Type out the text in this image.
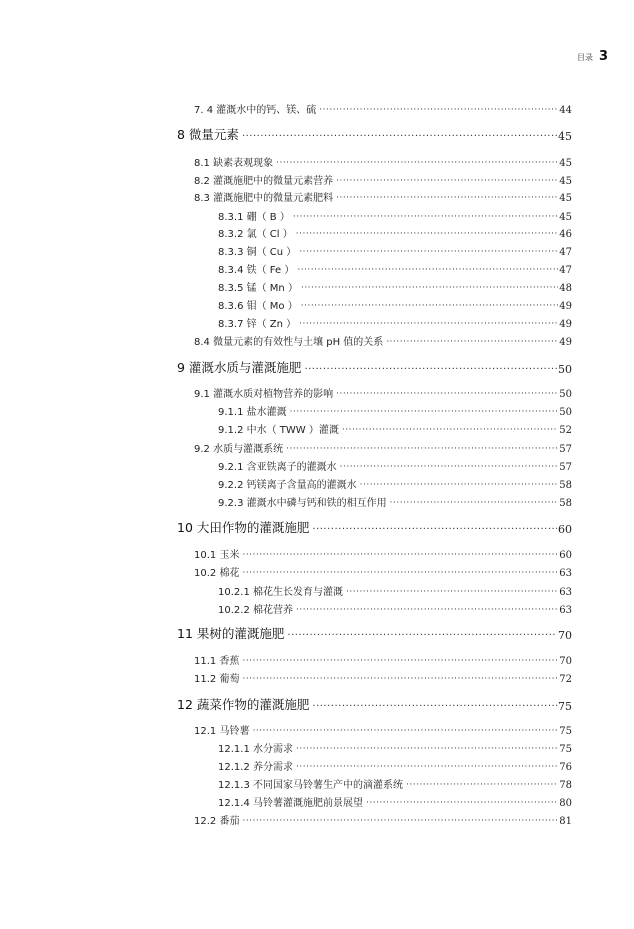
目录 3
7. 4 灌溉水中的钙、镁、硫 ·····	44
8 微量元素 ·····	45
8.1 缺素表观现象 ·····	45
8.2 灌溉施肥中的微量元素营养 ·····	45
8.3 灌溉施肥中的微量元素肥料 ·····	45
8.3.1 硼（ B ） ·····	45
8.3.2 氯（ Cl ） ·····	46
8.3.3 铜（ Cu ） ·····	47
8.3.4 铁（ Fe ） ·····	47
8.3.5 锰（ Mn ） ·····	48
8.3.6 钼（ Mo ） ·····	49
8.3.7 锌（ Zn ） ·····	49
8.4 微量元素的有效性与土壤 pH 值的关系 ·····	49
9 灌溉水质与灌溉施肥 ·····	50
9.1 灌溉水质对植物营养的影响 ·····	50
9.1.1 盐水灌溉 ·····	50
9.1.2 中水（ TWW ）灌溉 ·····	52
9.2 水质与灌溉系统 ·····	57
9.2.1 含亚铁离子的灌溉水 ·····	57
9.2.2 钙镁离子含量高的灌溉水 ·····	58
9.2.3 灌溉水中磷与钙和铁的相互作用 ·····	58
10 大田作物的灌溉施肥 ·····	60
10.1 玉米 ·····	60
10.2 棉花 ·····	63
10.2.1 棉花生长发育与灌溉 ·····	63
10.2.2 棉花营养 ·····	63
11 果树的灌溉施肥 ·····	70
11.1 香蕉 ·····	70
11.2 葡萄 ·····	72
12 蔬菜作物的灌溉施肥 ·····	75
12.1 马铃薯 ·····	75
12.1.1 水分需求 ·····	75
12.1.2 养分需求 ·····	76
12.1.3 不同国家马铃薯生产中的滴灌系统 ·····	78
12.1.4 马铃薯灌溉施肥前景展望 ·····	80
12.2 番茄 ·····	81
